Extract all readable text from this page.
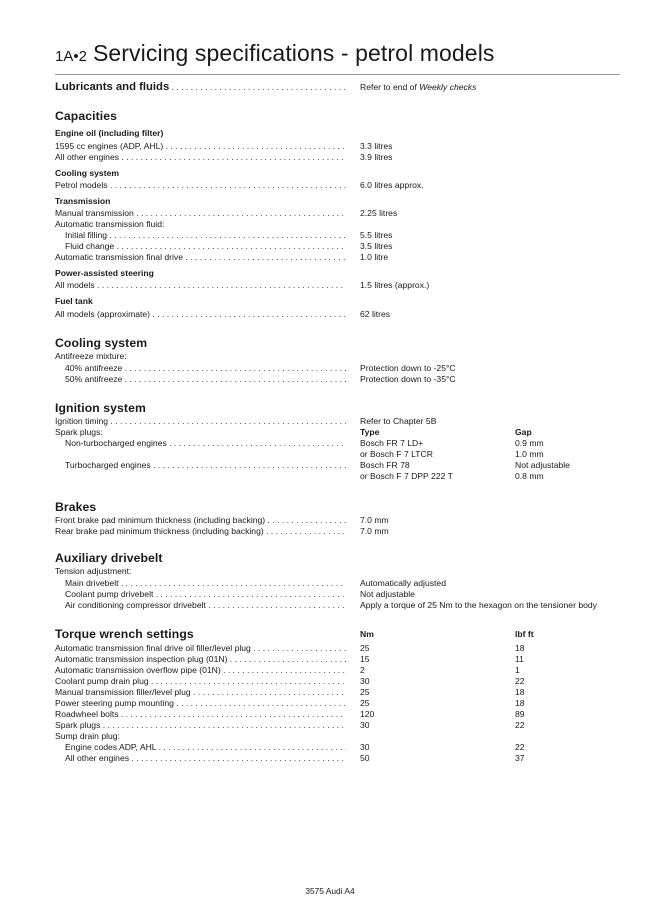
1A•2 Servicing specifications - petrol models
Lubricants and fluids . . .	Refer to end of Weekly checks
Capacities
Engine oil (including filter)
1595 cc engines (ADP, AHL) . . .	3.3 litres
All other engines . . .	3.9 litres
Cooling system
Petrol models . . .	6.0 litres approx.
Transmission
Manual transmission . . .	2.25 litres
Automatic transmission fluid:
Initial filling . . .	5.5 litres
Fluid change . . .	3.5 litres
Automatic transmission final drive . . .	1.0 litre
Power-assisted steering
All models . . .	1.5 litres (approx.)
Fuel tank
All models (approximate) . . .	62 litres
Cooling system
Antifreeze mixture:
40% antifreeze . . .	Protection down to -25°C
50% antifreeze . . .	Protection down to -35°C
Ignition system
Ignition timing . . .	Refer to Chapter 5B
Spark plugs:	Type	Gap
Non-turbocharged engines . . .	Bosch FR 7 LD+	0.9 mm
or Bosch F 7 LTCR	1.0 mm
Turbocharged engines . . .	Bosch FR 78	Not adjustable
or Bosch F 7 DPP 222 T	0.8 mm
Brakes
Front brake pad minimum thickness (including backing) . . .	7.0 mm
Rear brake pad minimum thickness (including backing) . . .	7.0 mm
Auxiliary drivebelt
Tension adjustment:
Main drivebelt . . .	Automatically adjusted
Coolant pump drivebelt . . .	Not adjustable
Air conditioning compressor drivebelt . . .	Apply a torque of 25 Nm to the hexagon on the tensioner body
Torque wrench settings	Nm	lbf ft
Automatic transmission final drive oil filler/level plug . . .	25	18
Automatic transmission inspection plug (01N) . . .	15	11
Automatic transmission overflow pipe (01N) . . .	2	1
Coolant pump drain plug . . .	30	22
Manual transmission filler/level plug . . .	25	18
Power steering pump mounting . . .	25	18
Roadwheel bolts . . .	120	89
Spark plugs . . .	30	22
Sump drain plug:
Engine codes ADP, AHL . . .	30	22
All other engines . . .	50	37
3575 Audi A4
